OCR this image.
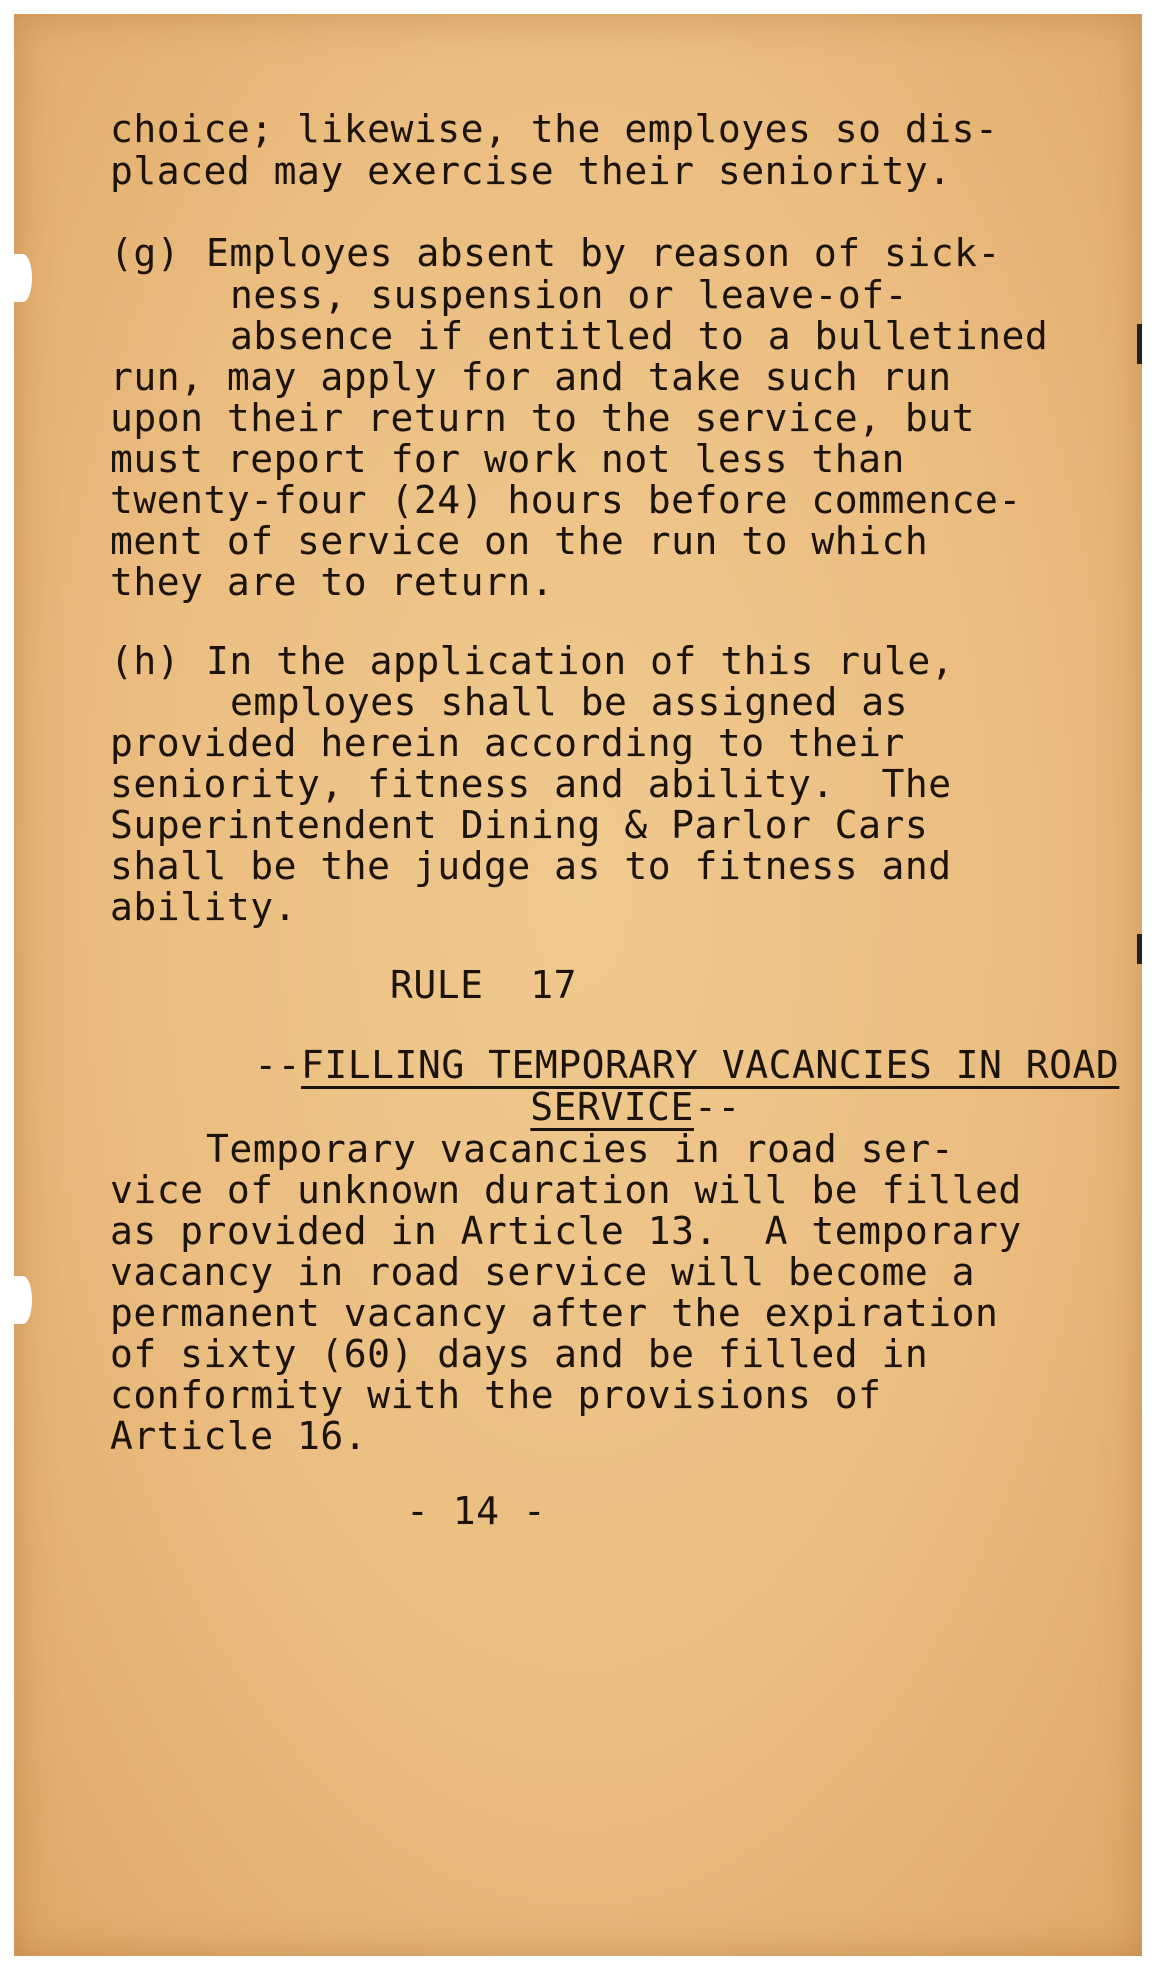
choice; likewise, the employes so dis-
placed may exercise their seniority.
(g) Employes absent by reason of sick-
ness, suspension or leave-of-
absence if entitled to a bulletined
run, may apply for and take such run
upon their return to the service, but
must report for work not less than
twenty-four (24) hours before commence-
ment of service on the run to which
they are to return.
(h) In the application of this rule,
employes shall be assigned as
provided herein according to their
seniority, fitness and ability.  The
Superintendent Dining & Parlor Cars
shall be the judge as to fitness and
ability.
RULE  17

--FILLING TEMPORARY VACANCIES IN ROAD

SERVICE--

Temporary vacancies in road ser-
vice of unknown duration will be filled
as provided in Article 13.  A temporary
vacancy in road service will become a
permanent vacancy after the expiration
of sixty (60) days and be filled in
conformity with the provisions of
Article 16.
- 14 -
